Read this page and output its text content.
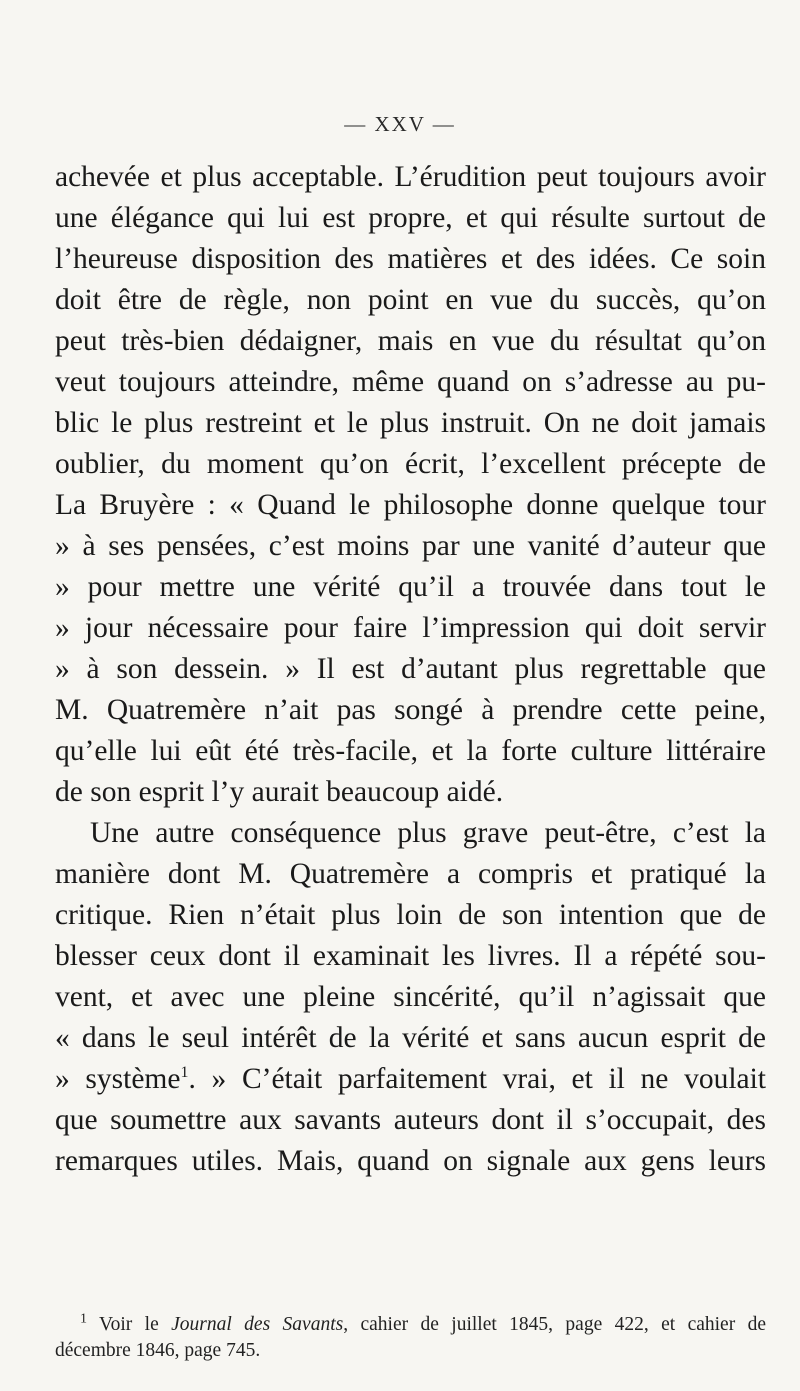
— XXV —
achevée et plus acceptable. L’érudition peut toujours avoir
une élégance qui lui est propre, et qui résulte surtout de
l’heureuse disposition des matières et des idées. Ce soin
doit être de règle, non point en vue du succès, qu’on
peut très-bien dédaigner, mais en vue du résultat qu’on
veut toujours atteindre, même quand on s’adresse au pu-
blic le plus restreint et le plus instruit. On ne doit jamais
oublier, du moment qu’on écrit, l’excellent précepte de
La Bruyère : « Quand le philosophe donne quelque tour
» à ses pensées, c’est moins par une vanité d’auteur que
» pour mettre une vérité qu’il a trouvée dans tout le
» jour nécessaire pour faire l’impression qui doit servir
» à son dessein. » Il est d’autant plus regrettable que
M. Quatremère n’ait pas songé à prendre cette peine,
qu’elle lui eût été très-facile, et la forte culture littéraire
de son esprit l’y aurait beaucoup aidé.
Une autre conséquence plus grave peut-être, c’est la
manière dont M. Quatremère a compris et pratiqué la
critique. Rien n’était plus loin de son intention que de
blesser ceux dont il examinait les livres. Il a répété sou-
vent, et avec une pleine sincérité, qu’il n’agissait que
« dans le seul intérêt de la vérité et sans aucun esprit de
» système$^1$. » C’était parfaitement vrai, et il ne voulait
que soumettre aux savants auteurs dont il s’occupait, des
remarques utiles. Mais, quand on signale aux gens leurs
$^1$ Voir le Journal des Savants, cahier de juillet 1845, page 422, et cahier de
décembre 1846, page 745.
